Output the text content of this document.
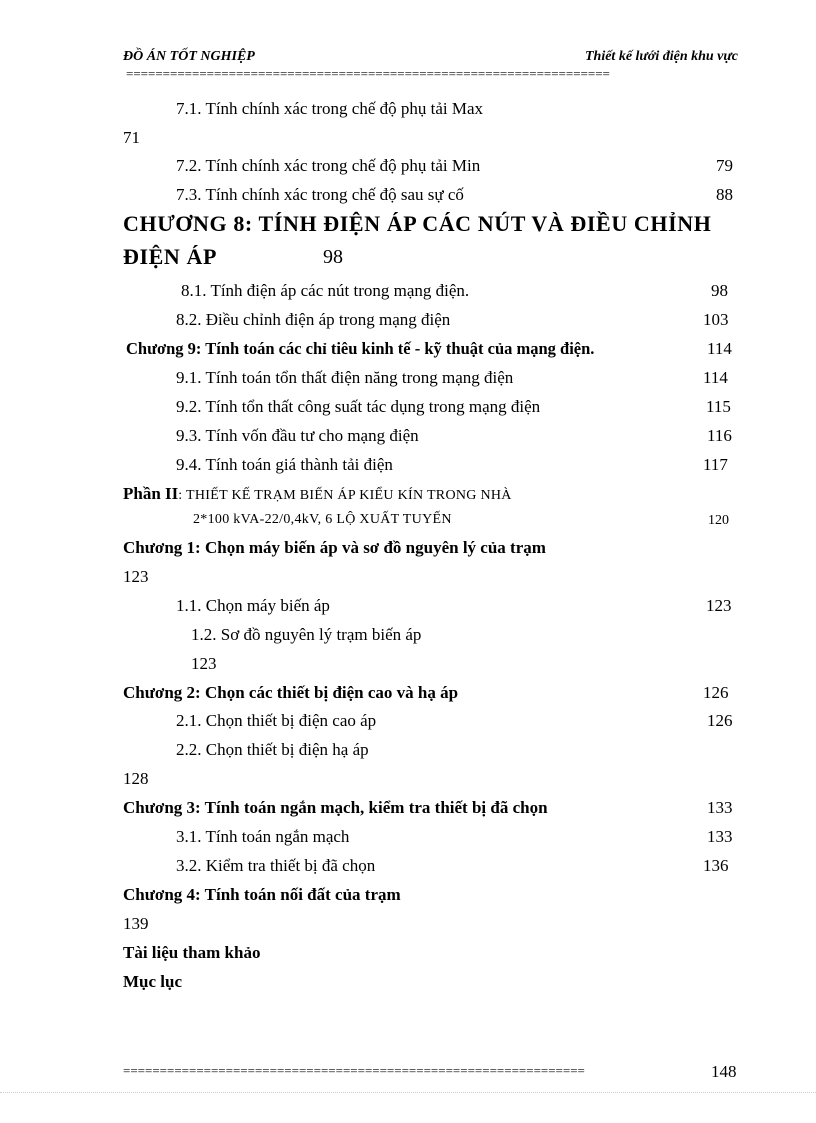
ĐỒ ÁN TỐT NGHIỆP	Thiết kế lưới điện khu vực
==================================================================
7.1. Tính chính xác trong chế độ phụ tải Max
71
7.2. Tính chính xác trong chế độ phụ tải Min	79
7.3. Tính chính xác trong chế độ sau sự cố	88
CHƯƠNG 8: TÍNH ĐIỆN ÁP CÁC NÚT VÀ ĐIỀU CHỈNH
ĐIỆN ÁP	98
8.1. Tính điện áp các nút trong mạng điện.	98
8.2. Điều chỉnh điện áp trong mạng điện	103
Chương 9: Tính toán các chỉ tiêu kinh tế - kỹ thuật của mạng điện.	114
9.1. Tính toán tổn thất điện năng trong mạng điện	114
9.2. Tính tổn thất công suất tác dụng trong mạng điện	115
9.3. Tính vốn đầu tư cho mạng điện	116
9.4. Tính toán giá thành tải điện	117
Phần II: THIẾT KẾ TRẠM BIẾN ÁP KIỂU KÍN TRONG NHÀ
2*100 kVA-22/0,4kV, 6 LỘ XUẤT TUYẾN	120
Chương 1: Chọn máy biến áp và sơ đồ nguyên lý của trạm
123
1.1. Chọn máy biến áp	123
1.2. Sơ đồ nguyên lý trạm biến áp
123
Chương 2: Chọn các thiết bị điện cao và hạ áp	126
2.1. Chọn thiết bị điện cao áp	126
2.2. Chọn thiết bị điện hạ áp
128
Chương 3: Tính toán ngắn mạch, kiểm tra thiết bị đã chọn	133
3.1. Tính toán ngắn mạch	133
3.2. Kiểm tra thiết bị đã chọn	136
Chương 4: Tính toán nối đất của trạm
139
Tài liệu tham khảo
Mục lục
===============================================================	148
